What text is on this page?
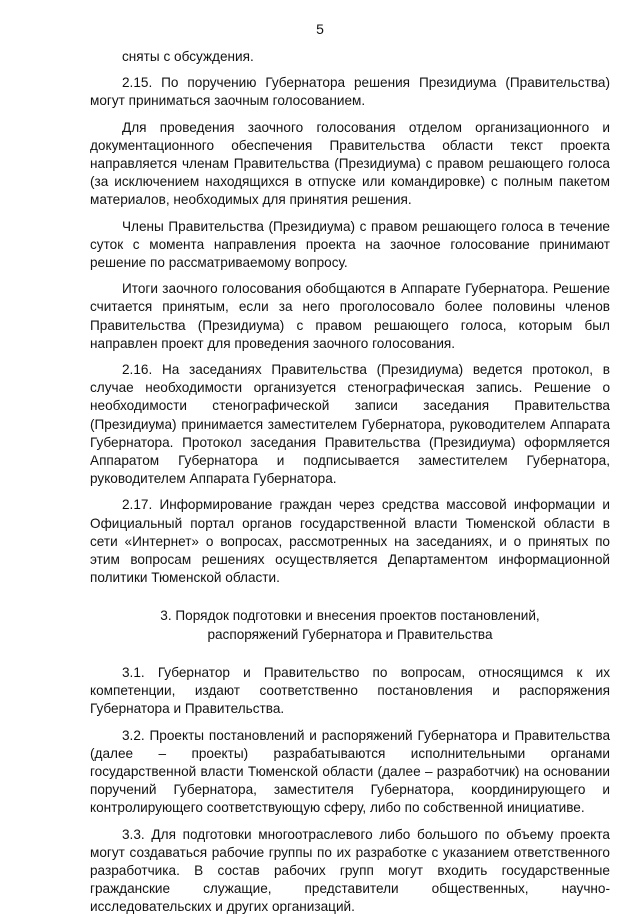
5

сняты с обсуждения.

2.15. По поручению Губернатора решения Президиума (Правительства) могут приниматься заочным голосованием.

Для проведения заочного голосования отделом организационного и документационного обеспечения Правительства области текст проекта направляется членам Правительства (Президиума) с правом решающего голоса (за исключением находящихся в отпуске или командировке) с полным пакетом материалов, необходимых для принятия решения.

Члены Правительства (Президиума) с правом решающего голоса в течение суток с момента направления проекта на заочное голосование принимают решение по рассматриваемому вопросу.

Итоги заочного голосования обобщаются в Аппарате Губернатора. Решение считается принятым, если за него проголосовало более половины членов Правительства (Президиума) с правом решающего голоса, которым был направлен проект для проведения заочного голосования.

2.16. На заседаниях Правительства (Президиума) ведется протокол, в случае необходимости организуется стенографическая запись. Решение о необходимости стенографической записи заседания Правительства (Президиума) принимается заместителем Губернатора, руководителем Аппарата Губернатора. Протокол заседания Правительства (Президиума) оформляется Аппаратом Губернатора и подписывается заместителем Губернатора, руководителем Аппарата Губернатора.

2.17. Информирование граждан через средства массовой информации и Официальный портал органов государственной власти Тюменской области в сети «Интернет» о вопросах, рассмотренных на заседаниях, и о принятых по этим вопросам решениях осуществляется Департаментом информационной политики Тюменской области.

3. Порядок подготовки и внесения проектов постановлений,
распоряжений Губернатора и Правительства

3.1. Губернатор и Правительство по вопросам, относящимся к их компетенции, издают соответственно постановления и распоряжения Губернатора и Правительства.

3.2. Проекты постановлений и распоряжений Губернатора и Правительства (далее – проекты) разрабатываются исполнительными органами государственной власти Тюменской области (далее – разработчик) на основании поручений Губернатора, заместителя Губернатора, координирующего и контролирующего соответствующую сферу, либо по собственной инициативе.

3.3. Для подготовки многоотраслевого либо большого по объему проекта могут создаваться рабочие группы по их разработке с указанием ответственного разработчика. В состав рабочих групп могут входить государственные гражданские служащие, представители общественных, научно-исследовательских и других организаций.
